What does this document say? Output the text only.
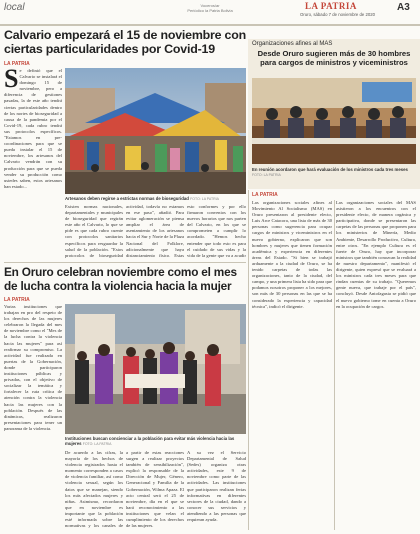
local	Voceros/ar
Periódico la Patria Bolivia	LA PATRIA
Oruro, sábado 7 de noviembre de 2020
A3
Calvario empezará el 15 de noviembre con ciertas particularidades por Covid-19
LA PATRIA
Se definió que el Calvario se instalará el domingo 15 de noviembre, pero a diferencia de gestiones pasadas, la de este año tendrá ciertas particularidades dentro de los nortes de bioseguridad a causa de la pandemia por el Covid-19, cada rubro tendrá sus protocolos específicos. "Estamos en pre-coordinaciones para que se pueda instalar el 15 de noviembre, los artesanos del Calvario vendrán con su producción para que se pueda vender su producción como ustedes saben, estos artesanos han estado...
Artesanos deben regirse a estrictas normas de bioseguridad FOTO: LA PATRIA
Existen normas nacionales, departamentales y municipales de bioseguridad que regirán este año el Calvario, lo que se pide es que cada rubro cuente con protocolos sanitarios específicos para resguardar la salud de la población. "Estos protocolos de bioseguridad
actividad, todavía no estamos en ese paso", añadió. Para evitar aglomeración se piensa ampliar el área de asentamiento de los artesanos hacia el Sur y Norte de la Plaza Nacional del Folklore, adicionalmente que haya distanciamiento físico. Estas
esto conformes y por ello firmaron convenios con los nuevos horarios que nos parten del Calvario, en los que se comprometen a cumplir lo acordado. "Hemos hecho entender que todo esto es para el cuidado de sus vidas y la vida de la gente que va a acudir
Organizaciones afines al MAS
Desde Oruro sugieren más de 30 hombres para cargos de ministros y viceministros
En reunión acordaron que hará evaluación de los ministros cada tres meses FOTO: LA PATRIA
LA PATRIA
Las organizaciones sociales afines al Movimiento Al Socialismo (MAS) en Oruro presentaron al presidente electo, Luis Arce Catacora, una lista de más de 30 personas como sugerencia para ocupar cargos de ministros y viceministros en el nuevo gobierno, explicaron que son hombres y mujeres que tienen formación académica y experiencia en diferentes áreas del Estado. "Si bien se trabajó arduamente a la ciudad de Oruro, se ha tenido carpetas de todas las organizaciones, tanto de la ciudad, del campo, y una primera lista ha sido para que podamos nosotros proponer a los mejores, son más de 30 personas en las que se ha considerado la experiencia y capacidad técnica", indicó el dirigente.
Las organizaciones sociales del MAS asistieron a los encuentros con el presidente electo, de manera orgánica y participativa, donde se presentaron las carpetas de las personas que proponen para los ministerios de Minería, Medio Ambiente, Desarrollo Productivo, Cultura, entre otros. "En ejemplo Cultura es el fuerte de Oruro, hay que incorporar ministros que también conozcan la realidad de nuestro departamento", manifestó el dirigente, quien expresó que se evaluará a los ministros cada tres meses para que rindan cuentas de su trabajo. "Queremos gente nueva, que trabaje por el país", concluyó. Desde Antofagasta se pidió que el nuevo gobierno tome en cuenta a Oruro en la ocupación de cargos.
En Oruro celebran noviembre como el mes de lucha contra la violencia hacia la mujer
LA PATRIA
Varias instituciones que trabajan en pro del respeto de los derechos de las mujeres celebraron la llegada del mes de noviembre como el "Mes de la lucha contra la violencia hacia las mujeres" para así reafirmar su compromiso. La actividad fue realizada en puertas de la Gobernación, donde participaron instituciones públicas y privadas, con el objetivo de socializar la temática y fortalecer la ruta crítica de atención contra la violencia hacia las mujeres con la población. Después de las dinámicas, realizaron presentaciones para tener un panorama de la violencia.
Instituciones buscan concienciar a la población para evitar más violencia hacia las mujeres FOTO: LA PATRIA
De acuerdo a las cifras, la mayoría de los hechos de violencia registrados hasta el momento corresponden a casos de violencia familiar, así como violencia sexual, según los datos que se manejan, siendo los más afectados mujeres y niñas. Asimismo, recordaron que en noviembre es importante que la población esté informada sobre las normativas y los canales de
a partir de estas reacciones surgen a realizar proyectos también de sensibilización", explicó la responsable de la Dirección de Mujer, Género, Generacional y Familia de la Gobernación, Wilma Apaza. El acto central será el 25 de noviembre, día en el que se hará reconocimiento a las instituciones que velan el cumplimiento de los derechos de las mujeres.
A su vez el Servicio Departamental de Salud (Sedes) organiza otras actividades, este 9 de noviembre como parte de las actividades. Las instituciones que participaron realizan ferias informativas en diferentes sectores de la ciudad, dando a conocer sus servicios y atendiendo a las personas que requieran ayuda.
